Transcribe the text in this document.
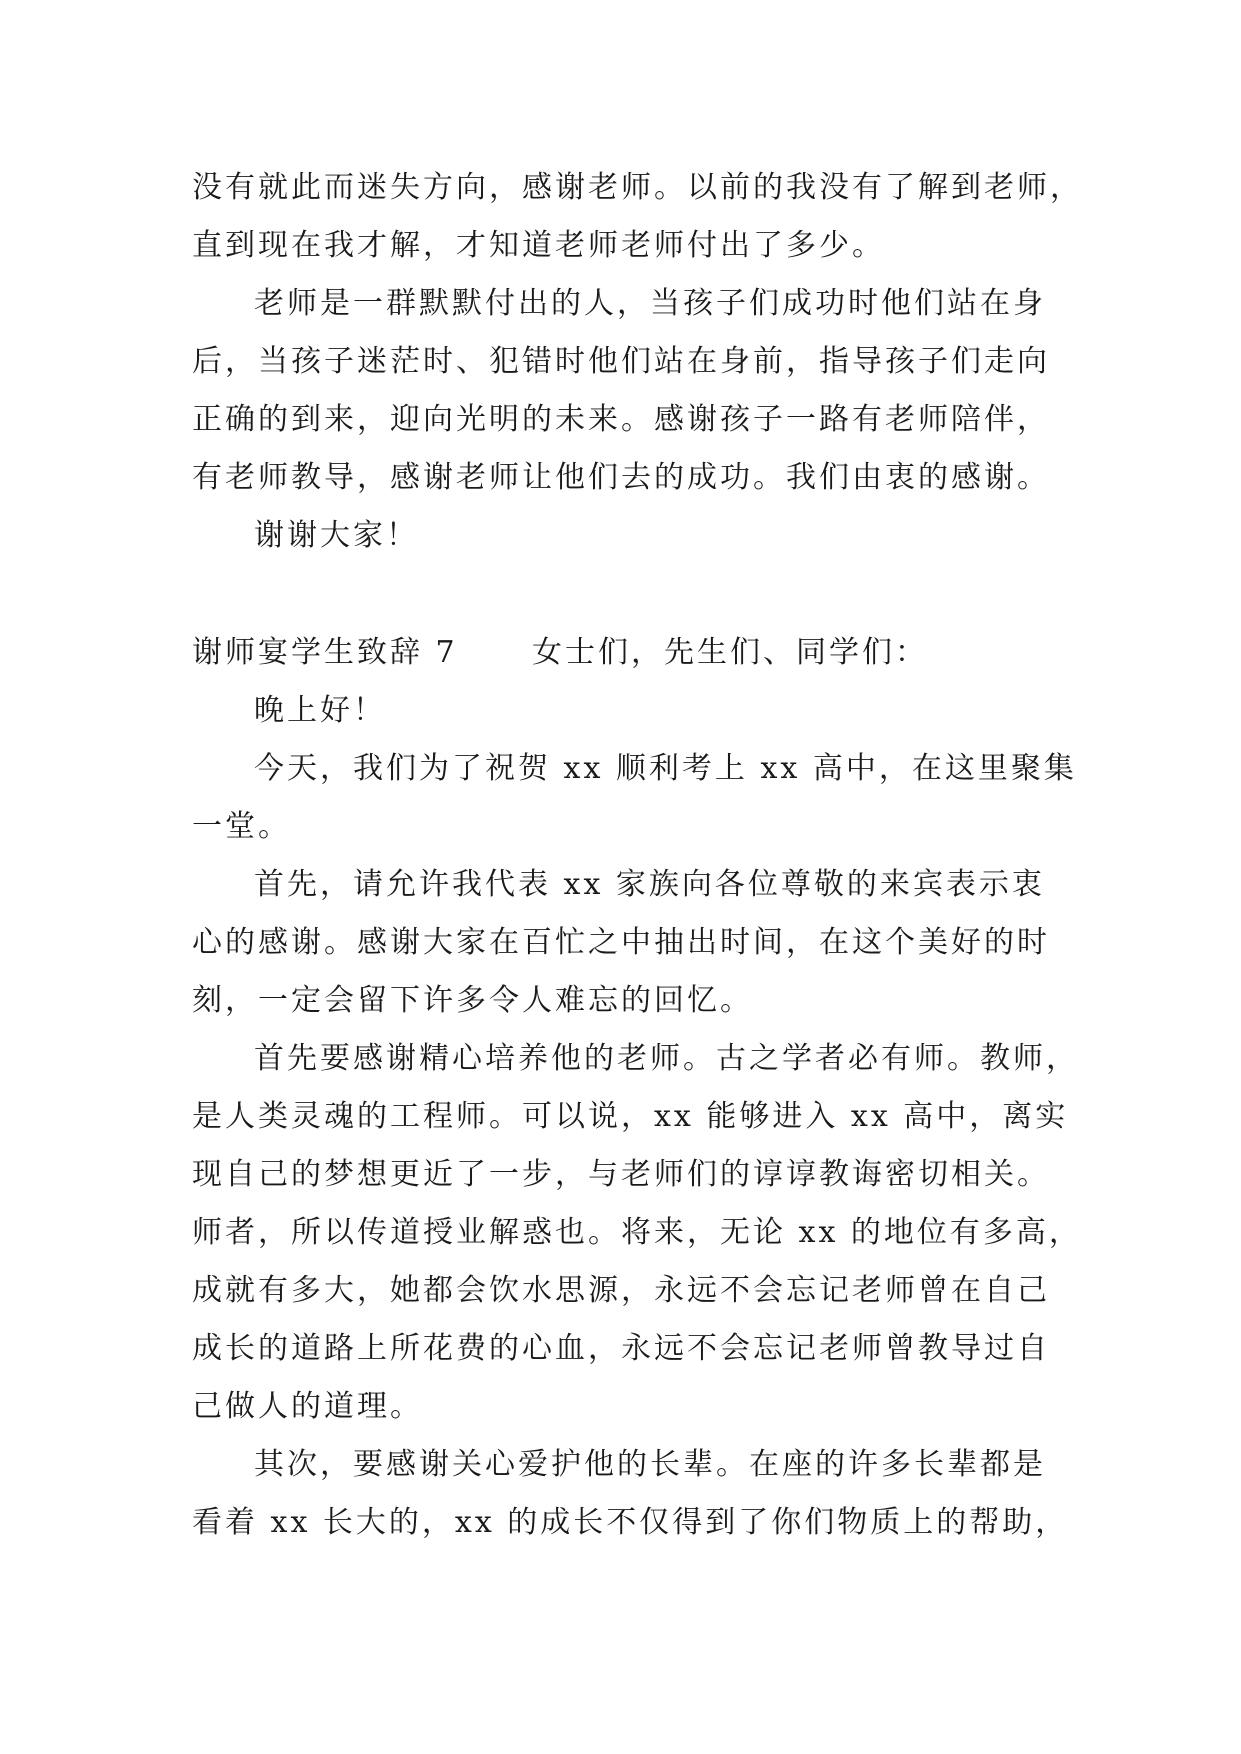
没有就此而迷失方向，感谢老师。以前的我没有了解到老师，
直到现在我才解，才知道老师老师付出了多少。
老师是一群默默付出的人，当孩子们成功时他们站在身
后，当孩子迷茫时、犯错时他们站在身前，指导孩子们走向
正确的到来，迎向光明的未来。感谢孩子一路有老师陪伴，
有老师教导，感谢老师让他们去的成功。我们由衷的感谢。
谢谢大家！
谢师宴学生致辞 7	女士们，先生们、同学们：
晚上好！
今天，我们为了祝贺 xx 顺利考上 xx 高中，在这里聚集
一堂。
首先，请允许我代表 xx 家族向各位尊敬的来宾表示衷
心的感谢。感谢大家在百忙之中抽出时间，在这个美好的时
刻，一定会留下许多令人难忘的回忆。
首先要感谢精心培养他的老师。古之学者必有师。教师，
是人类灵魂的工程师。可以说，xx 能够进入 xx 高中，离实
现自己的梦想更近了一步，与老师们的谆谆教诲密切相关。
师者，所以传道授业解惑也。将来，无论 xx 的地位有多高，
成就有多大，她都会饮水思源，永远不会忘记老师曾在自己
成长的道路上所花费的心血，永远不会忘记老师曾教导过自
己做人的道理。
其次，要感谢关心爱护他的长辈。在座的许多长辈都是
看着 xx 长大的，xx 的成长不仅得到了你们物质上的帮助，
